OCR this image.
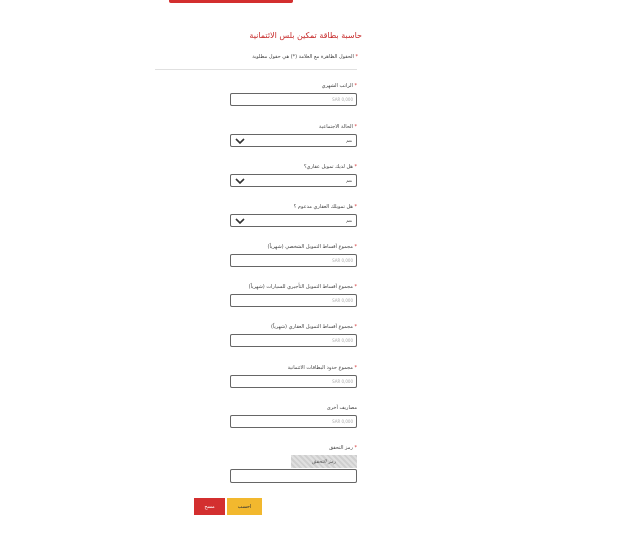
حاسبة بطاقة تمكين بلس الائتمانية
* الحقول الظاهرة مع العلامة (*) هي حقول مطلوبة
* الراتب الشهري
SAR 0,000
* الحالة الاجتماعية
نعم
* هل لديك تمويل عقاري؟
نعم
* هل تمويلك العقاري مدعوم ؟
نعم
* مجموع أقساط التمويل الشخصي (شهرياً)
SAR 0,000
* مجموع أقساط التمويل التأجيري للسيارات (شهرياً)
SAR 0,000
* مجموع أقساط التمويل العقاري (شهرياً)
SAR 0,000
* مجموع حدود البطاقات الائتمانية
SAR 0,000
مصاريف أخرى
SAR 0,000
* رمز التحقق
رمز التحقق
مسح	احسب
